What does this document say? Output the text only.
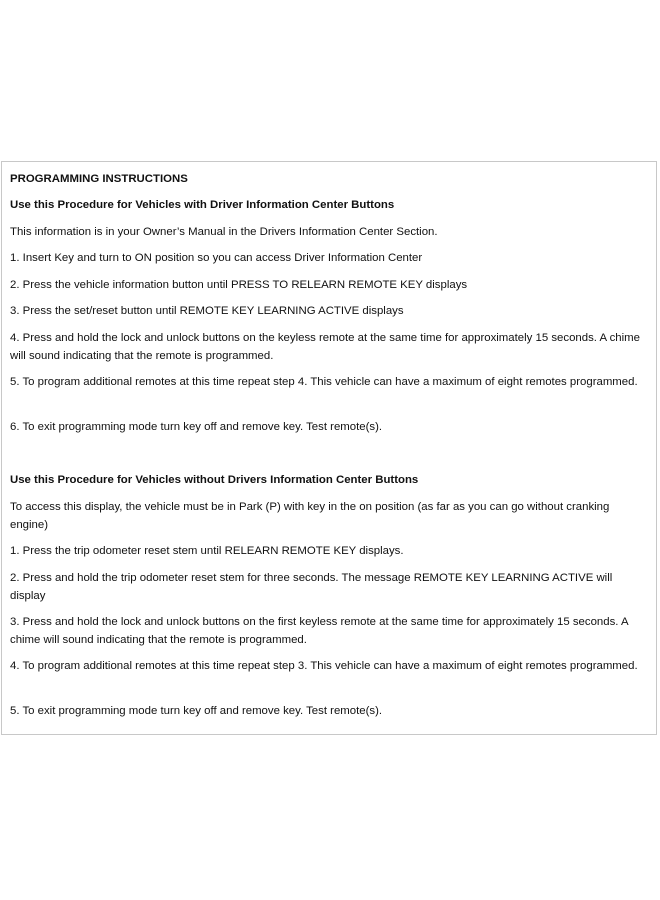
PROGRAMMING INSTRUCTIONS
Use this Procedure for Vehicles with Driver Information Center Buttons
This information is in your Owner’s Manual in the Drivers Information Center Section.
1. Insert Key and turn to ON position so you can access Driver Information Center
2. Press the vehicle information button until PRESS TO RELEARN REMOTE KEY displays
3. Press the set/reset button until REMOTE KEY LEARNING ACTIVE displays
4. Press and hold the lock and unlock buttons on the keyless remote at the same time for approximately 15 seconds. A chime will sound indicating that the remote is programmed.
5. To program additional remotes at this time repeat step 4. This vehicle can have a maximum of eight remotes programmed.
6. To exit programming mode turn key off and remove key. Test remote(s).
Use this Procedure for Vehicles without Drivers Information Center Buttons
To access this display, the vehicle must be in Park (P) with key in the on position (as far as you can go without cranking engine)
1. Press the trip odometer reset stem until RELEARN REMOTE KEY displays.
2. Press and hold the trip odometer reset stem for three seconds. The message REMOTE KEY LEARNING ACTIVE will display
3. Press and hold the lock and unlock buttons on the first keyless remote at the same time for approximately 15 seconds. A chime will sound indicating that the remote is programmed.
4. To program additional remotes at this time repeat step 3. This vehicle can have a maximum of eight remotes programmed.
5. To exit programming mode turn key off and remove key. Test remote(s).
